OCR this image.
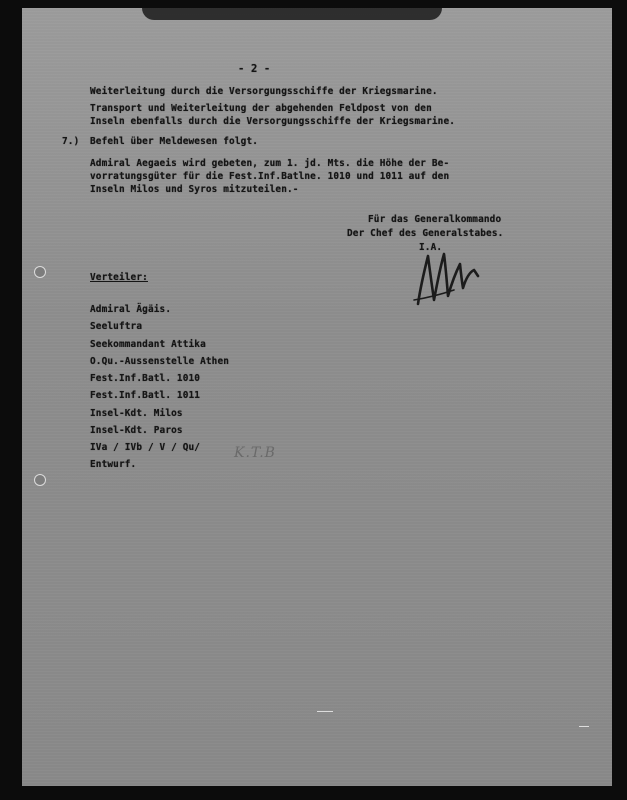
- 2 -
Weiterleitung durch die Versorgungsschiffe der Kriegsmarine.
Transport und Weiterleitung der abgehenden Feldpost von den
Inseln ebenfalls durch die Versorgungsschiffe der Kriegsmarine.
7.) Befehl über Meldewesen folgt.
Admiral Aegaeis wird gebeten, zum 1. jd. Mts. die Höhe der Be-
vorratungsgüter für die Fest.Inf.Batlne. 1010 und 1011 auf den
Inseln Milos und Syros mitzuteilen.-
Für das Generalkommando
Der Chef des Generalstabes.
I.A.
Verteiler:
Admiral Ägäis.
Seeluftra
Seekommandant Attika
O.Qu.-Aussenstelle Athen
Fest.Inf.Batl. 1010
Fest.Inf.Batl. 1011
Insel-Kdt. Milos
Insel-Kdt. Paros
IVa / IVb / V / Qu/
Entwurf.
K.T.B
